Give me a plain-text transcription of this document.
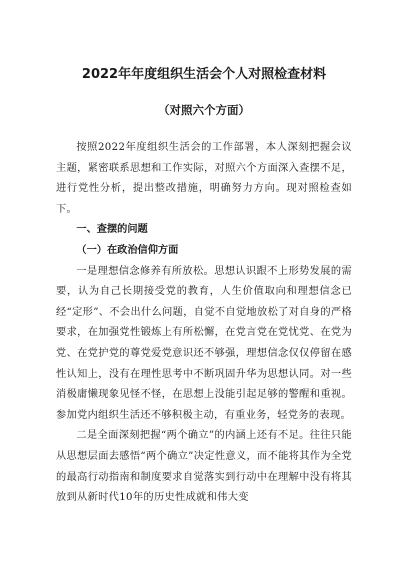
2022年年度组织生活会个人对照检查材料
（对照六个方面）

按照2022年度组织生活会的工作部署，本人深刻把握会议主题，紧密联系思想和工作实际，对照六个方面深入查摆不足，进行党性分析，提出整改措施，明确努力方向。现对照检查如下。

一、查摆的问题

（一）在政治信仰方面

一是理想信念修养有所放松。思想认识跟不上形势发展的需要，认为自己长期接受党的教育，人生价值取向和理想信念已经“定形”、不会出什么问题，自觉不自觉地放松了对自身的严格要求，在加强党性锻炼上有所松懈，在党言党在党忧党、在党为党、在党护党的尊党爱党意识还不够强，理想信念仅仅停留在感性认知上，没有在理性思考中不断巩固升华为思想认同。对一些消极庸懒现象见怪不怪，在思想上没能引起足够的警醒和重视。参加党内组织生活还不够积极主动，有重业务，轻党务的表现。

二是全面深刻把握“两个确立”的内涵上还有不足。往往只能从思想层面去感悟“两个确立”决定性意义，而不能将其作为全党的最高行动指南和制度要求自觉落实到行动中在理解中没有将其放到从新时代10年的历史性成就和伟大变
